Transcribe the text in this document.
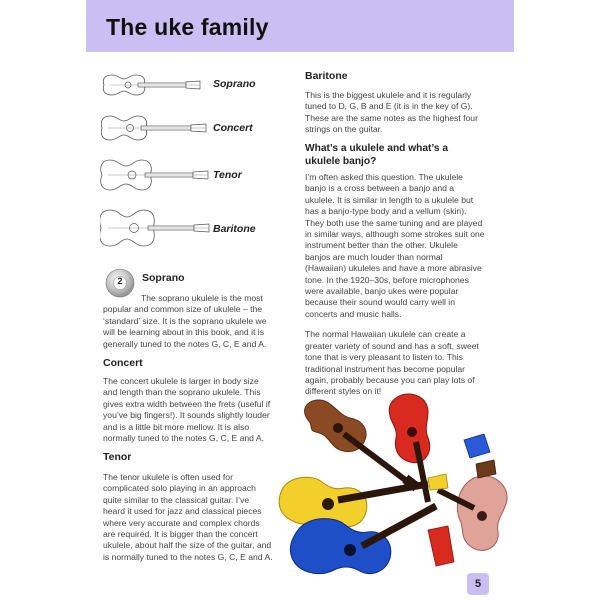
The uke family
Soprano
Concert
Tenor
Baritone
2	Soprano

The soprano ukulele is the most popular and common size of ukulele – the ‘standard’ size. It is the soprano ukulele we will be learning about in this book, and it is generally tuned to the notes G, C, E and A.

Concert

The concert ukulele is larger in body size and length than the soprano ukulele. This gives extra width between the frets (useful if you’ve big fingers!). It sounds slightly louder and is a little bit more mellow. It is also normally tuned to the notes G, C, E and A.

Tenor

The tenor ukulele is often used for complicated solo playing in an approach quite similar to the classical guitar. I’ve heard it used for jazz and classical pieces where very accurate and complex chords are required. It is bigger than the concert ukulele, about half the size of the guitar, and is normally tuned to the notes G, C, E and A.

Baritone

This is the biggest ukulele and it is regularly tuned to D, G, B and E (it is in the key of G). These are the same notes as the highest four strings on the guitar.

What’s a ukulele and what’s a ukulele banjo?

I’m often asked this question. The ukulele banjo is a cross between a banjo and a ukulele. It is similar in length to a ukulele but has a banjo-type body and a vellum (skin). They both use the same tuning and are played in similar ways, although some strokes suit one instrument better than the other. Ukulele banjos are much louder than normal (Hawaiian) ukuleles and have a more abrasive tone. In the 1920–30s, before microphones were available, banjo ukes were popular because their sound would carry well in concerts and music halls.

The normal Hawaiian ukulele can create a greater variety of sound and has a soft, sweet tone that is very pleasant to listen to. This traditional instrument has become popular again, probably because you can play lots of different styles on it!

5
